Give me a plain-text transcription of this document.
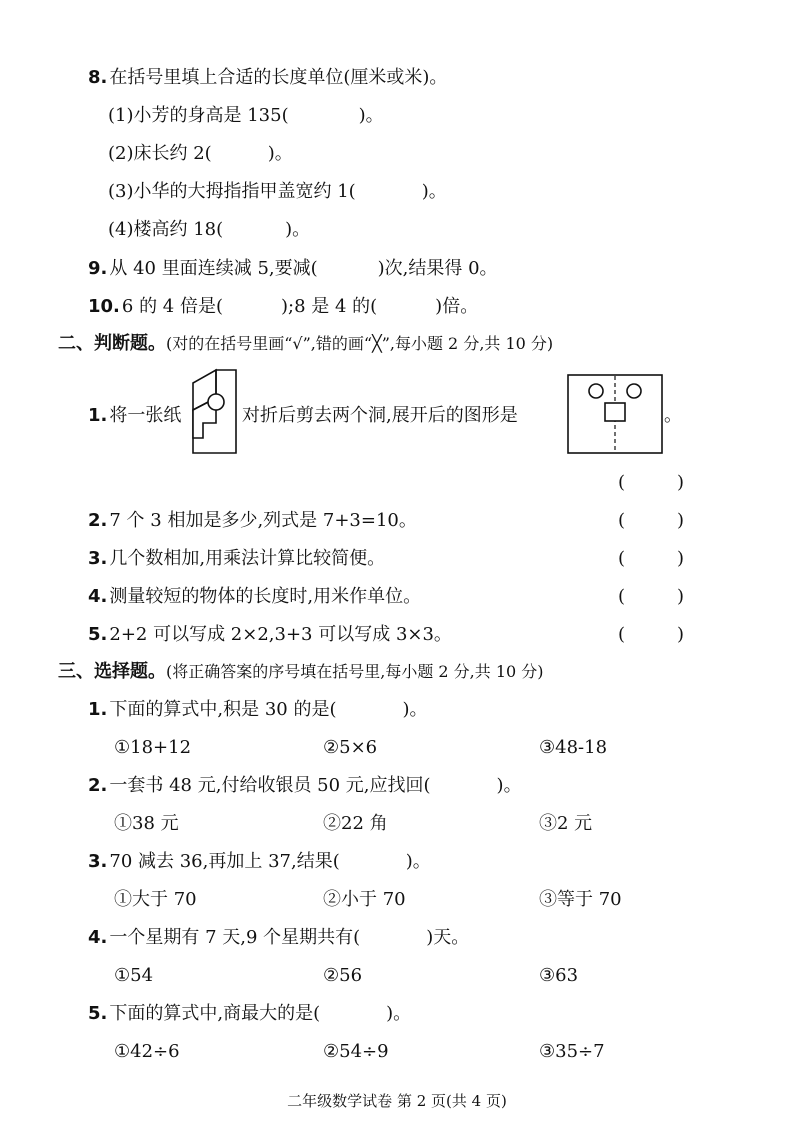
8. 在括号里填上合适的长度单位(厘米或米)。
(1)小芳的身高是 135(	)。
(2)床长约 2(	)。
(3)小华的大拇指指甲盖宽约 1(	)。
(4)楼高约 18(	)。
9. 从 40 里面连续减 5,要减(	)次,结果得 0。
10. 6 的 4 倍是(	);8 是 4 的(	)倍。
二、判断题。(对的在括号里画“√”,错的画“╳”,每小题 2 分,共 10 分)
1. 将一张纸	对折后剪去两个洞,展开后的图形是	。
(	)
2. 7 个 3 相加是多少,列式是 7+3=10。	(	)
3. 几个数相加,用乘法计算比较简便。	(	)
4. 测量较短的物体的长度时,用米作单位。	(	)
5. 2+2 可以写成 2×2,3+3 可以写成 3×3。	(	)
三、选择题。(将正确答案的序号填在括号里,每小题 2 分,共 10 分)
1. 下面的算式中,积是 30 的是(	)。
①18+12	②5×6	③48-18
2. 一套书 48 元,付给收银员 50 元,应找回(	)。
①38 元	②22 角	③2 元
3. 70 减去 36,再加上 37,结果(	)。
①大于 70	②小于 70	③等于 70
4. 一个星期有 7 天,9 个星期共有(	)天。
①54	②56	③63
5. 下面的算式中,商最大的是(	)。
①42÷6	②54÷9	③35÷7
二年级数学试卷 第 2 页(共 4 页)
